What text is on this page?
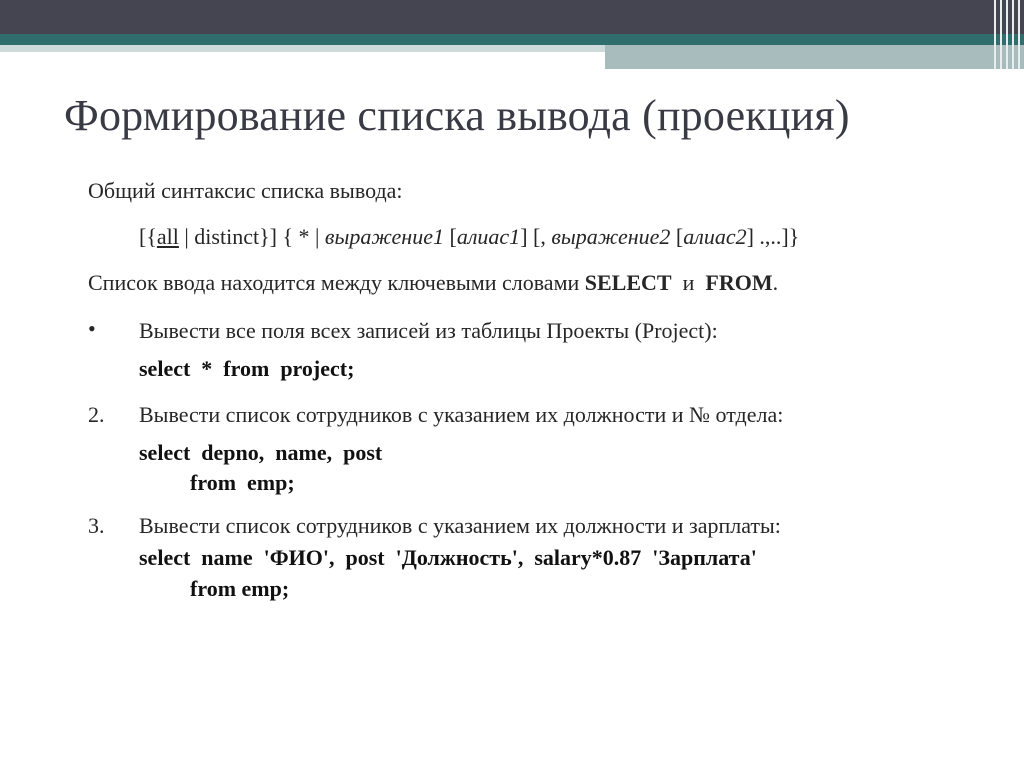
Формирование списка вывода (проекция)
Общий синтаксис списка вывода:
[{all | distinct}] { * | выражение1 [алиас1] [, выражение2 [алиас2] .,..]}
Список ввода находится между ключевыми словами SELECT  и  FROM.
• Вывести все поля всех записей из таблицы Проекты (Project):
select  *  from  project;
2. Вывести список сотрудников с указанием их должности и № отдела:
select  depno,  name,  post
from  emp;
3. Вывести список сотрудников с указанием их должности и зарплаты:
select  name  'ФИО',  post  'Должность',  salary*0.87  'Зарплата'
from emp;
